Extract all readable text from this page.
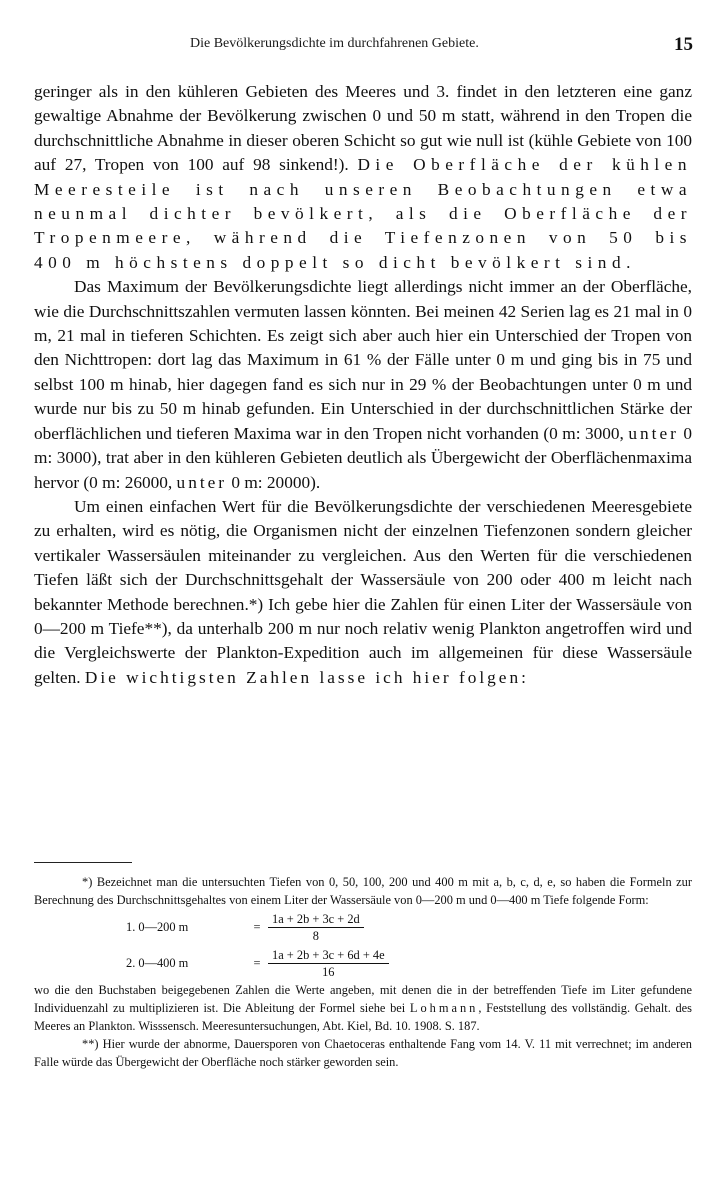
Die Bevölkerungsdichte im durchfahrenen Gebiete.	15

geringer als in den kühleren Gebieten des Meeres und 3. findet in den letzteren eine ganz gewaltige Abnahme der Bevölkerung zwischen 0 und 50 m statt, während in den Tropen die durchschnittliche Abnahme in dieser oberen Schicht so gut wie null ist (kühle Gebiete von 100 auf 27, Tropen von 100 auf 98 sinkend!). Die Oberfläche der kühlen Meeresteile ist nach unseren Beobachtungen etwa neunmal dichter bevölkert, als die Oberfläche der Tropenmeere, während die Tiefenzonen von 50 bis 400 m höchstens doppelt so dicht bevölkert sind.

Das Maximum der Bevölkerungsdichte liegt allerdings nicht immer an der Oberfläche, wie die Durchschnittszahlen vermuten lassen könnten. Bei meinen 42 Serien lag es 21 mal in 0 m, 21 mal in tieferen Schichten. Es zeigt sich aber auch hier ein Unterschied der Tropen von den Nichttropen: dort lag das Maximum in 61 % der Fälle unter 0 m und ging bis in 75 und selbst 100 m hinab, hier dagegen fand es sich nur in 29 % der Beobachtungen unter 0 m und wurde nur bis zu 50 m hinab gefunden. Ein Unterschied in der durchschnittlichen Stärke der oberflächlichen und tieferen Maxima war in den Tropen nicht vorhanden (0 m: 3000, unter 0 m: 3000), trat aber in den kühleren Gebieten deutlich als Übergewicht der Oberflächenmaxima hervor (0 m: 26000, unter 0 m: 20000).

Um einen einfachen Wert für die Bevölkerungsdichte der verschiedenen Meeresgebiete zu erhalten, wird es nötig, die Organismen nicht der einzelnen Tiefenzonen sondern gleicher vertikaler Wassersäulen miteinander zu vergleichen. Aus den Werten für die verschiedenen Tiefen läßt sich der Durchschnittsgehalt der Wassersäule von 200 oder 400 m leicht nach bekannter Methode berechnen.*) Ich gebe hier die Zahlen für einen Liter der Wassersäule von 0—200 m Tiefe**), da unterhalb 200 m nur noch relativ wenig Plankton angetroffen wird und die Vergleichswerte der Plankton-Expedition auch im allgemeinen für diese Wassersäule gelten. Die wichtigsten Zahlen lasse ich hier folgen:

*) Bezeichnet man die untersuchten Tiefen von 0, 50, 100, 200 und 400 m mit a, b, c, d, e, so haben die Formeln zur Berechnung des Durchschnittsgehaltes von einem Liter der Wassersäule von 0—200 m und 0—400 m Tiefe folgende Form:

1. 0—200 m	= $\frac{1a + 2b + 3c + 2d}{8}$
2. 0—400 m	= $\frac{1a + 2b + 3c + 6d + 4e}{16}$

wo die den Buchstaben beigegebenen Zahlen die Werte angeben, mit denen die in der betreffenden Tiefe im Liter gefundene Individuenzahl zu multiplizieren ist. Die Ableitung der Formel siehe bei Lohmann, Feststellung des vollständig. Gehalt. des Meeres an Plankton. Wisssensch. Meeresuntersuchungen, Abt. Kiel, Bd. 10. 1908. S. 187.

**) Hier wurde der abnorme, Dauersporen von Chaetoceras enthaltende Fang vom 14. V. 11 mit verrechnet; im anderen Falle würde das Übergewicht der Oberfläche noch stärker geworden sein.
